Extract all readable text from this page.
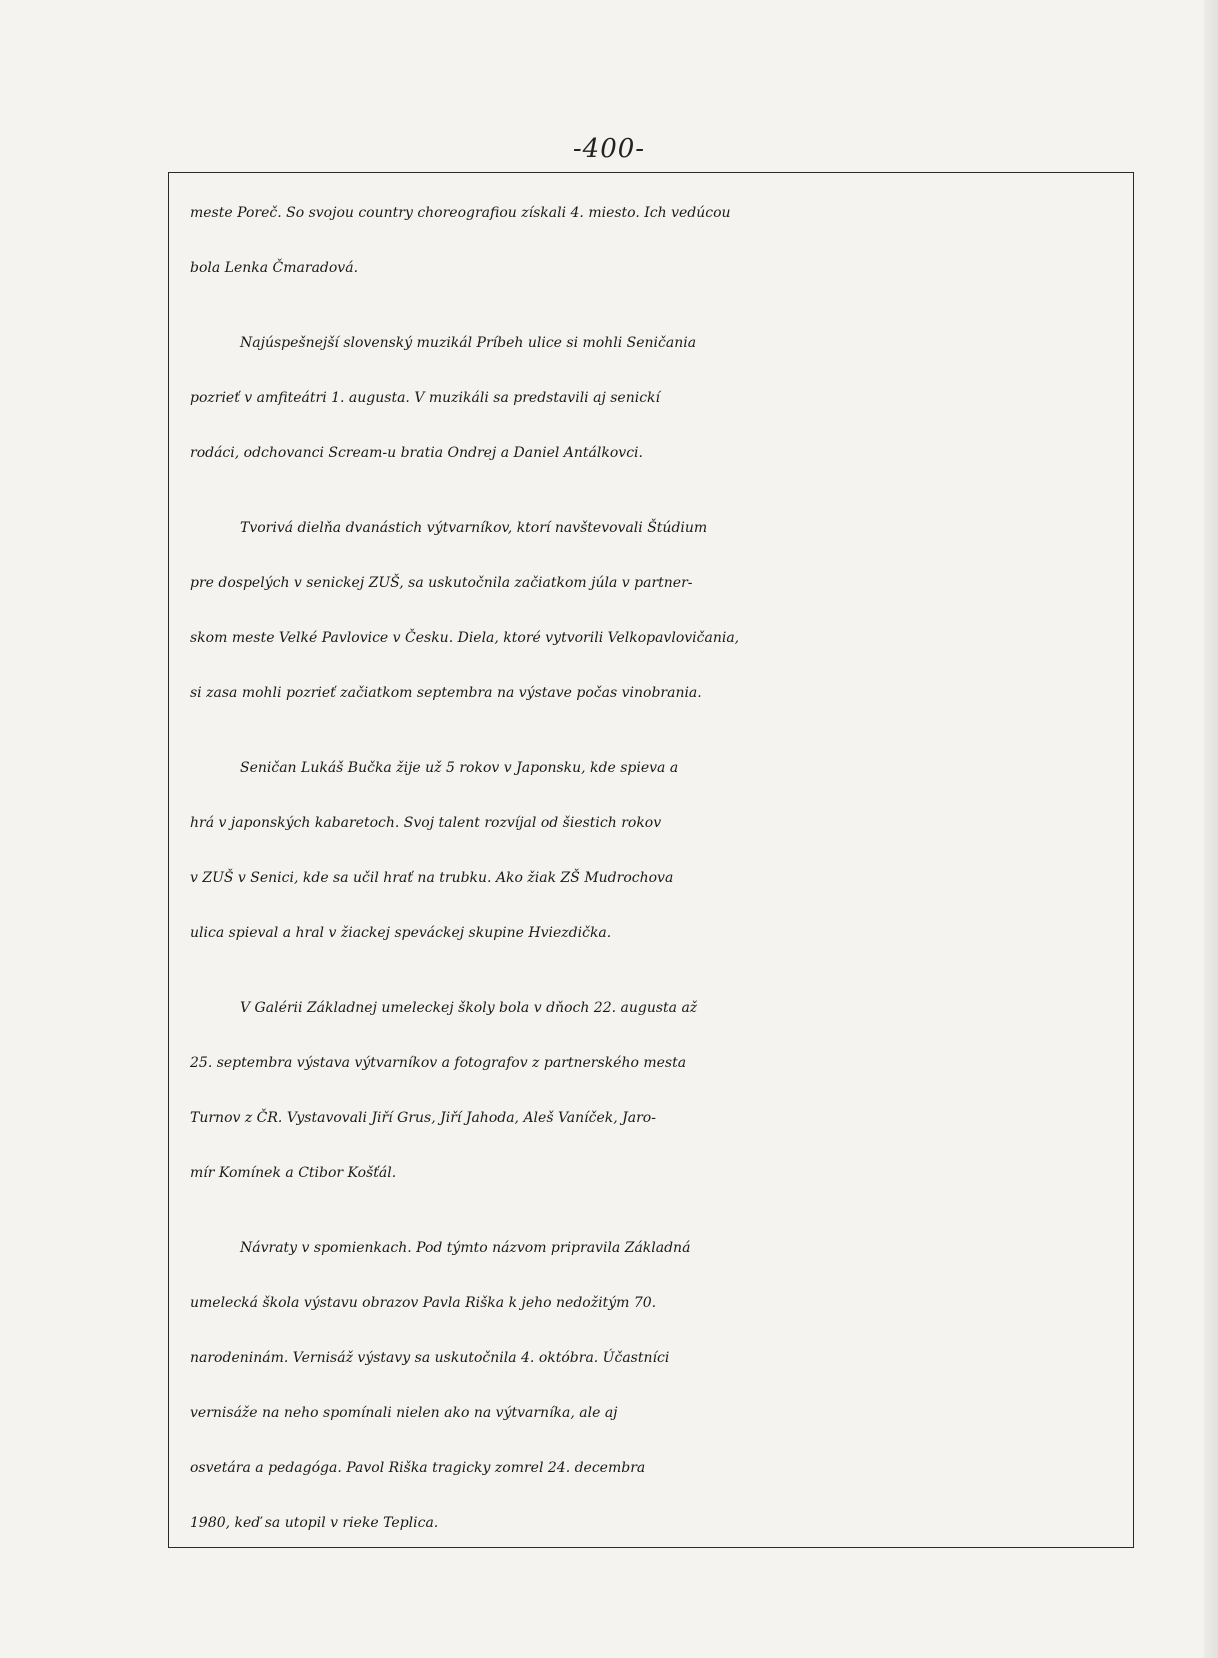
-400-
meste Poreč. So svojou country choreografiou získali 4. miesto. Ich vedúcou
bola Lenka Čmaradová.
Najúspešnejší slovenský muzikál Príbeh ulice si mohli Seničania
pozrieť v amfiteátri 1. augusta. V muzikáli sa predstavili aj senickí
rodáci, odchovanci Scream-u bratia Ondrej a Daniel Antálkovci.
Tvorivá dielňa dvanástich výtvarníkov, ktorí navštevovali Štúdium
pre dospelých v senickej ZUŠ, sa uskutočnila začiatkom júla v partner-
skom meste Velké Pavlovice v Česku. Diela, ktoré vytvorili Velkopavlovičania,
si zasa mohli pozrieť začiatkom septembra na výstave počas vinobrania.
Seničan Lukáš Bučka žije už 5 rokov v Japonsku, kde spieva a
hrá v japonských kabaretoch. Svoj talent rozvíjal od šiestich rokov
v ZUŠ v Senici, kde sa učil hrať na trubku. Ako žiak ZŠ Mudrochova
ulica spieval a hral v žiackej speváckej skupine Hviezdička.
V Galérii Základnej umeleckej školy bola v dňoch 22. augusta až
25. septembra výstava výtvarníkov a fotografov z partnerského mesta
Turnov z ČR. Vystavovali Jiří Grus, Jiří Jahoda, Aleš Vaníček, Jaro-
mír Komínek a Ctibor Košťál.
Návraty v spomienkach. Pod týmto názvom pripravila Základná
umelecká škola výstavu obrazov Pavla Riška k jeho nedožitým 70.
narodeninám. Vernisáž výstavy sa uskutočnila 4. októbra. Účastníci
vernisáže na neho spomínali nielen ako na výtvarníka, ale aj
osvetára a pedagóga. Pavol Riška tragicky zomrel 24. decembra
1980, keď sa utopil v rieke Teplica.
